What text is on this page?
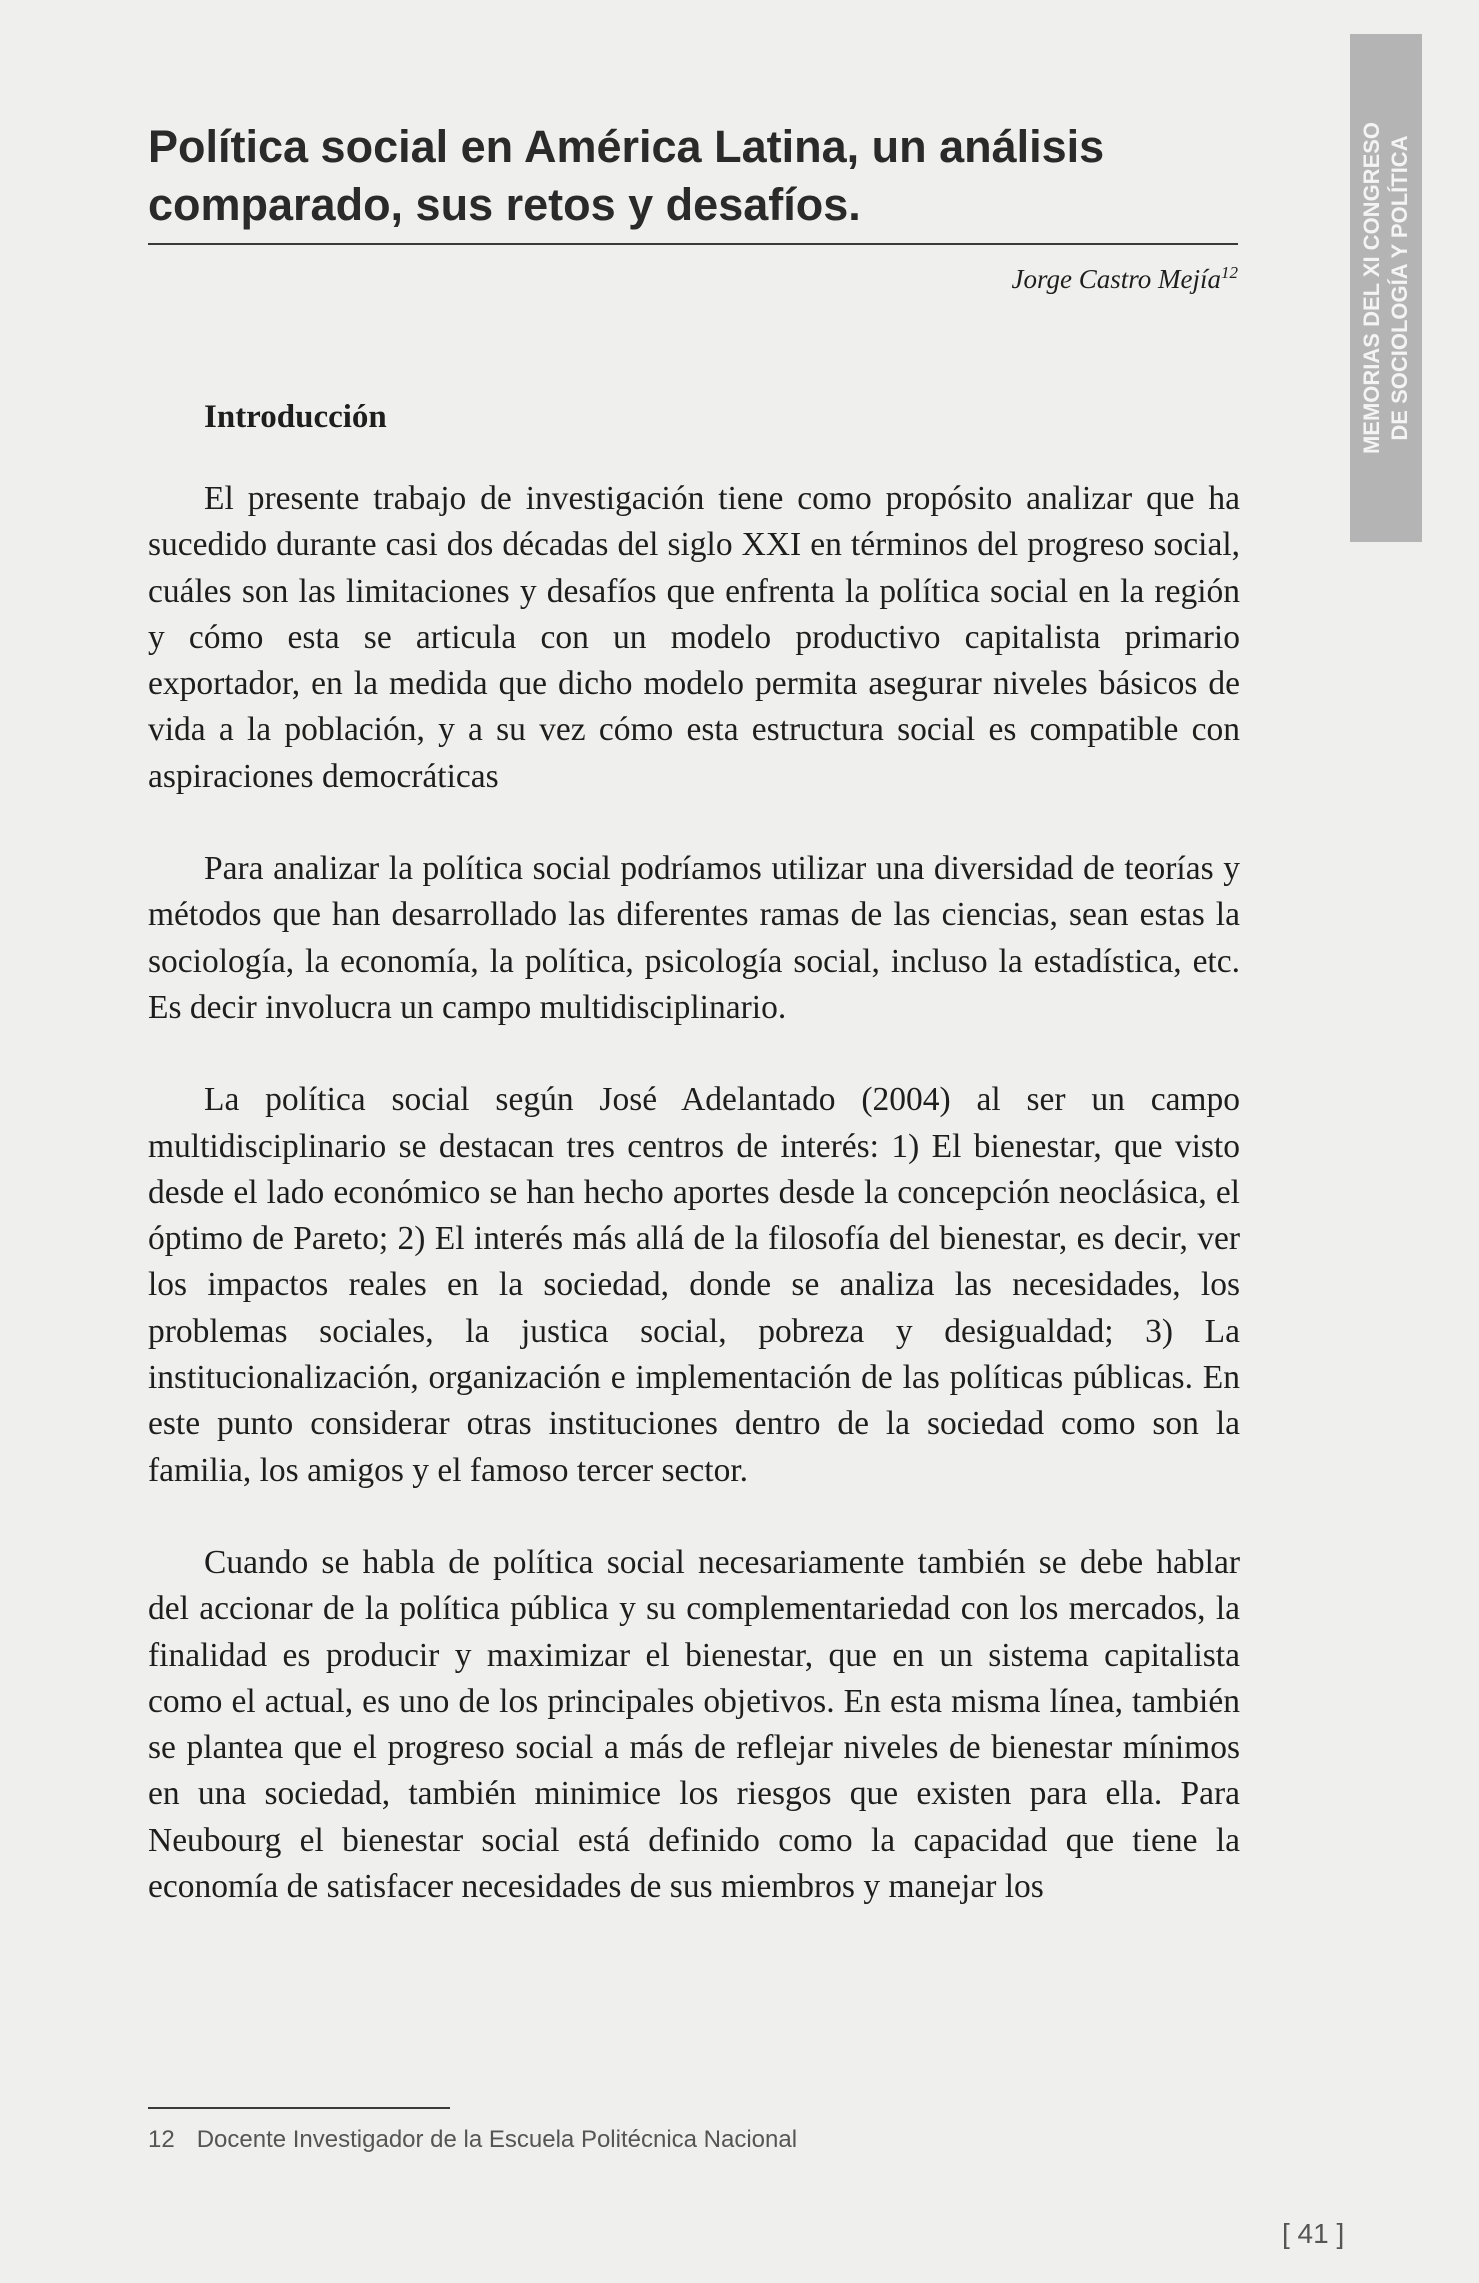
Política social en América Latina, un análisis comparado, sus retos y desafíos.
Jorge Castro Mejía$^{12}$
Introducción

El presente trabajo de investigación tiene como propósito analizar que ha sucedido durante casi dos décadas del siglo XXI en términos del progreso social, cuáles son las limitaciones y desafíos que enfrenta la política social en la región y cómo esta se articula con un modelo productivo capitalista primario exportador, en la medida que dicho modelo permita asegurar niveles básicos de vida a la población, y a su vez cómo esta estructura social es compatible con aspiraciones democráticas

Para analizar la política social podríamos utilizar una diversidad de teorías y métodos que han desarrollado las diferentes ramas de las ciencias, sean estas la sociología, la economía, la política, psicología social, incluso la estadística, etc. Es decir involucra un campo multidisciplinario.

La política social según José Adelantado (2004) al ser un campo multidisciplinario se destacan tres centros de interés: 1) El bienestar, que visto desde el lado económico se han hecho aportes desde la concepción neoclásica, el óptimo de Pareto; 2) El interés más allá de la filosofía del bienestar, es decir, ver los impactos reales en la sociedad, donde se analiza las necesidades, los problemas sociales, la justica social, pobreza y desigualdad; 3) La institucionalización, organización e implementación de las políticas públicas. En este punto considerar otras instituciones dentro de la sociedad como son la familia, los amigos y el famoso tercer sector.

Cuando se habla de política social necesariamente también se debe hablar del accionar de la política pública y su complementariedad con los mercados, la finalidad es producir y maximizar el bienestar, que en un sistema capitalista como el actual, es uno de los principales objetivos. En esta misma línea, también se plantea que el progreso social a más de reflejar niveles de bienestar mínimos en una sociedad, también minimice los riesgos que existen para ella. Para Neubourg el bienestar social está definido como la capacidad que tiene la economía de satisfacer necesidades de sus miembros y manejar los

12 Docente Investigador de la Escuela Politécnica Nacional
[ 41 ]
MEMORIAS DEL XI CONGRESO DE SOCIOLOGÍA Y POLÍTICA
